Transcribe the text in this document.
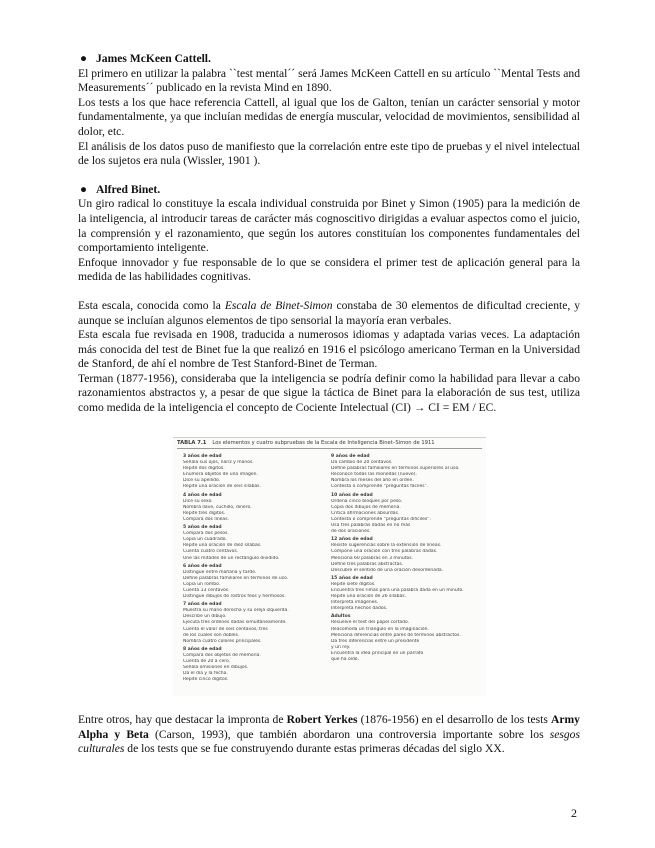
● James McKeen Cattell.

El primero en utilizar la palabra ``test mental´´ será James McKeen Cattell en su artículo ``Mental Tests and Measurements´´ publicado en la revista Mind en 1890.

Los tests a los que hace referencia Cattell, al igual que los de Galton, tenían un carácter sensorial y motor fundamentalmente, ya que incluían medidas de energía muscular, velocidad de movimientos, sensibilidad al dolor, etc.

El análisis de los datos puso de manifiesto que la correlación entre este tipo de pruebas y el nivel intelectual de los sujetos era nula (Wissler, 1901 ).

● Alfred Binet.

Un giro radical lo constituye la escala individual construida por Binet y Simon (1905) para la medición de la inteligencia, al introducir tareas de carácter más cognoscitivo dirigidas a evaluar aspectos como el juicio, la comprensión y el razonamiento, que según los autores constituían los componentes fundamentales del comportamiento inteligente.

Enfoque innovador y fue responsable de lo que se considera el primer test de aplicación general para la medida de las habilidades cognitivas.

Esta escala, conocida como la Escala de Binet-Simon constaba de 30 elementos de dificultad creciente, y aunque se incluían algunos elementos de tipo sensorial la mayoría eran verbales.

Esta escala fue revisada en 1908, traducida a numerosos idiomas y adaptada varias veces. La adaptación más conocida del test de Binet fue la que realizó en 1916 el psicólogo americano Terman en la Universidad de Stanford, de ahí el nombre de Test Stanford-Binet de Terman.

Terman (1877-1956), consideraba que la inteligencia se podría definir como la habilidad para llevar a cabo razonamientos abstractos y, a pesar de que sigue la táctica de Binet para la elaboración de sus test, utiliza como medida de la inteligencia el concepto de Cociente Intelectual (CI) → CI = EM / EC.

TABLA 7.1 Los elementos y cuatro subpruebas de la Escala de Inteligencia Binet–Simon de 1911
3 años de edad
Señala sus ojos, nariz y manos.
Repite dos dígitos.
Enumera objetos de una imagen.
Dice su apellido.
Repite una oración de seis sílabas.
4 años de edad
Dice su sexo.
Nombra llave, cuchillo, dinero.
Repite tres dígitos.
Compara dos líneas.
5 años de edad
Compara dos pesos.
Copia un cuadrado.
Repite una oración de diez sílabas.
Cuenta cuatro centavos.
Une las mitades de un rectángulo dividido.
6 años de edad
Distingue entre mañana y tarde.
Define palabras familiares en términos de uso.
Copia un rombo.
Cuenta 13 centavos.
Distingue dibujos de rostros feos y hermosos.
7 años de edad
Muestra su mano derecha y su oreja izquierda.
Describe un dibujo.
Ejecuta tres órdenes dadas simultáneamente.
Cuenta el valor de seis centavos, tres
de los cuales son dobles.
Nombra cuatro colores principales.
8 años de edad
Compara dos objetos de memoria.
Cuenta de 20 a cero.
Señala omisiones en dibujos.
Da el día y la fecha.
Repite cinco dígitos.
9 años de edad
Da cambio de 20 centavos.
Define palabras familiares en términos superiores al uso.
Reconoce todas las monedas (nueve).
Nombra los meses del año en orden.
Contesta o comprende “preguntas fáciles”.
10 años de edad
Ordena cinco bloques por peso.
Copia dos dibujos de memoria.
Critica afirmaciones absurdas.
Contesta o comprende “preguntas difíciles”.
Usa tres palabras dadas en no más
de dos oraciones.
12 años de edad
Resiste sugerencias sobre la extensión de líneas.
Compone una oración con tres palabras dadas.
Menciona 60 palabras en 3 minutos.
Define tres palabras abstractas.
Descubre el sentido de una oración desordenada.
15 años de edad
Repite siete dígitos.
Encuentra tres rimas para una palabra dada en un minuto.
Repite una oración de 26 sílabas.
Interpreta imágenes.
Interpreta hechos dados.
Adultos
Resuelve el test del papel cortado.
Reacomoda un triángulo en la imaginación.
Menciona diferencias entre pares de términos abstractos.
Da tres diferencias entre un presidente
y un rey.
Encuentra la idea principal en un párrafo
que ha oído.

Entre otros, hay que destacar la impronta de Robert Yerkes (1876-1956) en el desarrollo de los tests Army Alpha y Beta (Carson, 1993), que también abordaron una controversia importante sobre los sesgos culturales de los tests que se fue construyendo durante estas primeras décadas del siglo XX.

2
